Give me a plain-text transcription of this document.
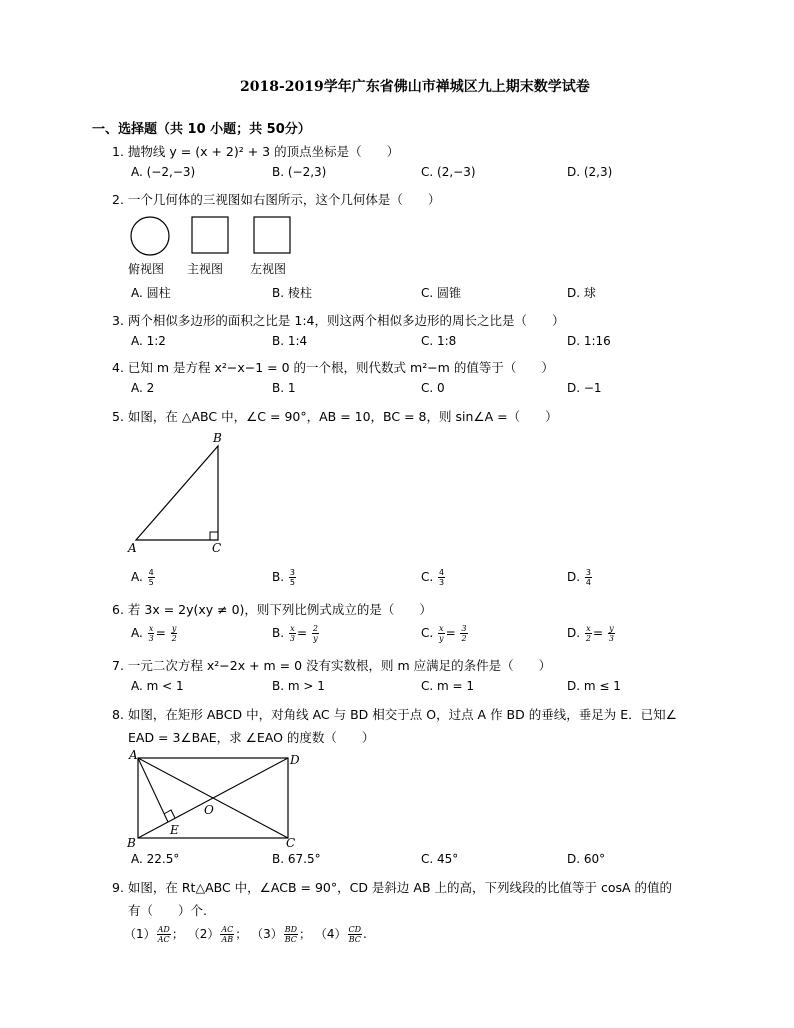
2018-2019学年广东省佛山市禅城区九上期末数学试卷
一、选择题（共 10 小题；共 50分）
1. 抛物线 y = (x + 2)² + 3 的顶点坐标是（　　）
A. (−2,−3)	B. (−2,3)	C. (2,−3)	D. (2,3)
2. 一个几何体的三视图如右图所示，这个几何体是（　　）
俯视图 主视图 左视图
A. 圆柱	B. 棱柱	C. 圆锥	D. 球
3. 两个相似多边形的面积之比是 1:4，则这两个相似多边形的周长之比是（　　）
A. 1:2	B. 1:4	C. 1:8	D. 1:16
4. 已知 m 是方程 x²−x−1 = 0 的一个根，则代数式 m²−m 的值等于（　　）
A. 2	B. 1	C. 0	D. −1
5. 如图，在 △ABC 中，∠C = 90°，AB = 10，BC = 8，则 sin∠A =（　　）
A
B
C
A. $\frac{4}{5}$	B. $\frac{3}{5}$	C. $\frac{4}{3}$	D. $\frac{3}{4}$
6. 若 3x = 2y(xy ≠ 0)，则下列比例式成立的是（　　）
A. $\frac{x}{3} = \frac{y}{2}$	B. $\frac{x}{3} = \frac{2}{y}$	C. $\frac{x}{y} = \frac{3}{2}$	D. $\frac{x}{2} = \frac{y}{3}$
7. 一元二次方程 x²−2x + m = 0 没有实数根，则 m 应满足的条件是（　　）
A. m < 1	B. m > 1	C. m = 1	D. m ≤ 1
8. 如图，在矩形 ABCD 中，对角线 AC 与 BD 相交于点 O，过点 A 作 BD 的垂线，垂足为 E．已知∠
EAD = 3∠BAE，求 ∠EAO 的度数（　　）
A	D
B	C
E
O
A. 22.5°	B. 67.5°	C. 45°	D. 60°
9. 如图，在 Rt△ABC 中，∠ACB = 90°，CD 是斜边 AB 上的高，下列线段的比值等于 cosA 的值的
有（　　）个.
$(1) \frac{AD}{AC}$ ； $(2) \frac{AC}{AB}$ ； $(3) \frac{BD}{BC}$ ； $(4) \frac{CD}{BC}$ .
